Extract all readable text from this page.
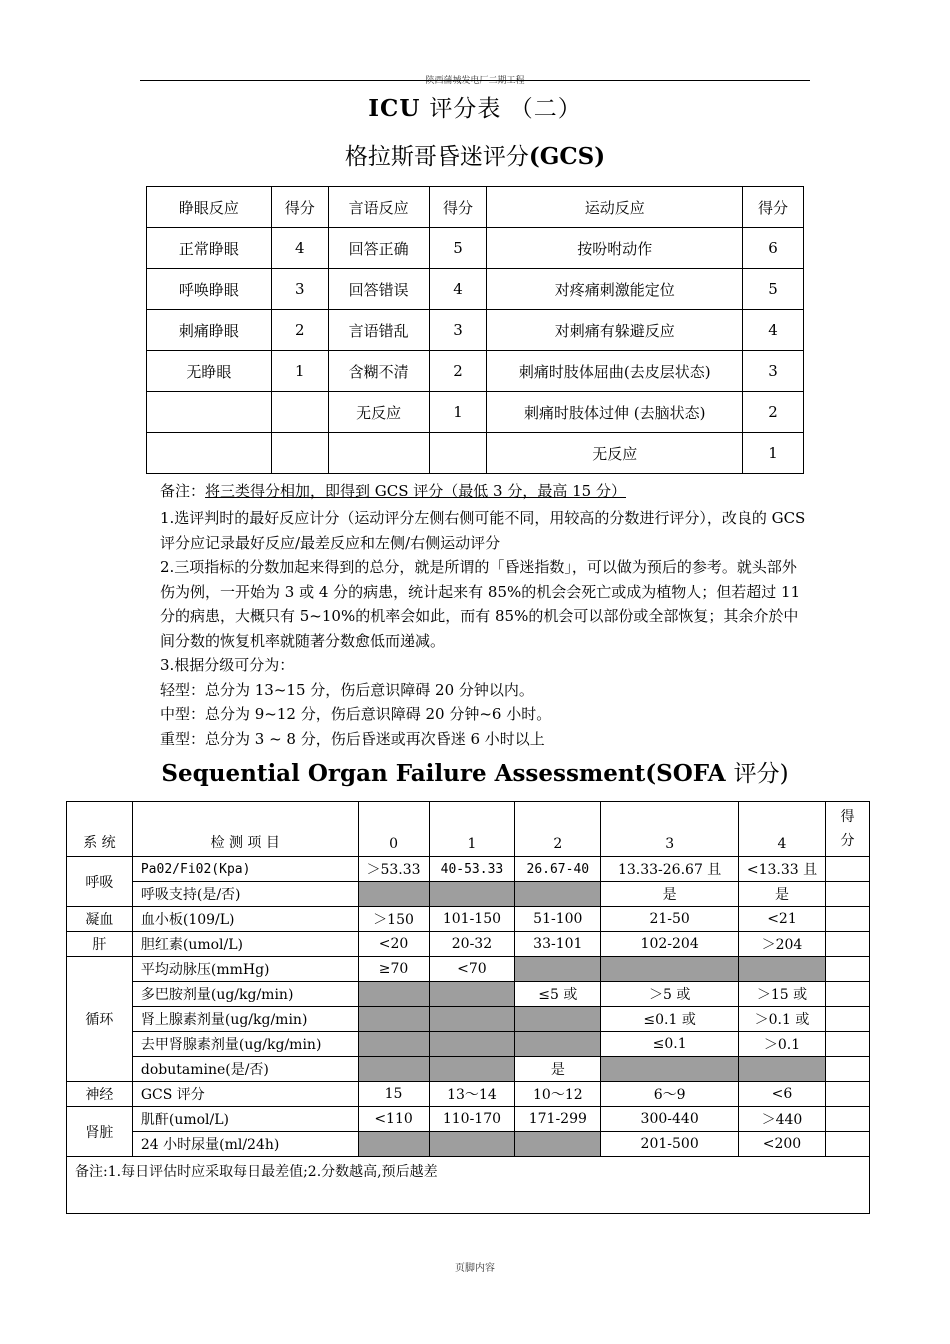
陕西蒲城发电厂二期工程
ICU 评分表 （二）
格拉斯哥昏迷评分(GCS)
睁眼反应	得分	言语反应	得分	运动反应	得分
正常睁眼	4	回答正确	5	按吩咐动作	6
呼唤睁眼	3	回答错误	4	对疼痛刺激能定位	5
刺痛睁眼	2	言语错乱	3	对刺痛有躲避反应	4
无睁眼	1	含糊不清	2	刺痛时肢体屈曲(去皮层状态)	3
		无反应	1	刺痛时肢体过伸 (去脑状态)	2
				无反应	1
备注：将三类得分相加，即得到 GCS 评分（最低 3 分，最高 15 分）

1.选评判时的最好反应计分（运动评分左侧右侧可能不同，用较高的分数进行评分），改良的 GCS 评分应记录最好反应/最差反应和左侧/右侧运动评分

2.三项指标的分数加起来得到的总分，就是所谓的「昏迷指数」，可以做为预后的参考。就头部外伤为例，一开始为 3 或 4 分的病患，统计起来有 85%的机会会死亡或成为植物人；但若超过 11 分的病患，大概只有 5~10%的机率会如此，而有 85%的机会可以部份或全部恢复；其余介於中间分数的恢复机率就随著分数愈低而递减。

3.根据分级可分为：

轻型：总分为 13~15 分，伤后意识障碍 20 分钟以内。

中型：总分为 9~12 分，伤后意识障碍 20 分钟~6 小时。

重型：总分为 3 ~ 8 分，伤后昏迷或再次昏迷 6 小时以上

Sequential Organ Failure Assessment(SOFA 评分)
系 统	检 测 项 目	0	1	2	3	4	得分
呼吸	Pa02/Fi02(Kpa)	＞53.33	40-53.33	26.67-40	13.33-26.67 且	<13.33 且	
	呼吸支持(是/否)				是	是	
凝血	血小板(109/L)	＞150	101-150	51-100	21-50	<21	
肝	胆红素(umol/L)	<20	20-32	33-101	102-204	＞204	
循环	平均动脉压(mmHg)	≥70	<70				
	多巴胺剂量(ug/kg/min)			≤5 或	＞5 或	＞15 或	
	肾上腺素剂量(ug/kg/min)				≤0.1 或	＞0.1 或	
	去甲肾腺素剂量(ug/kg/min)				≤0.1	＞0.1	
	dobutamine(是/否)			是			
神经	GCS 评分	15	13～14	10～12	6～9	<6	
肾脏	肌酐(umol/L)	<110	110-170	171-299	300-440	＞440	
	24 小时尿量(ml/24h)				201-500	<200	
备注:1.每日评估时应采取每日最差值;2.分数越高,预后越差							
页脚内容
